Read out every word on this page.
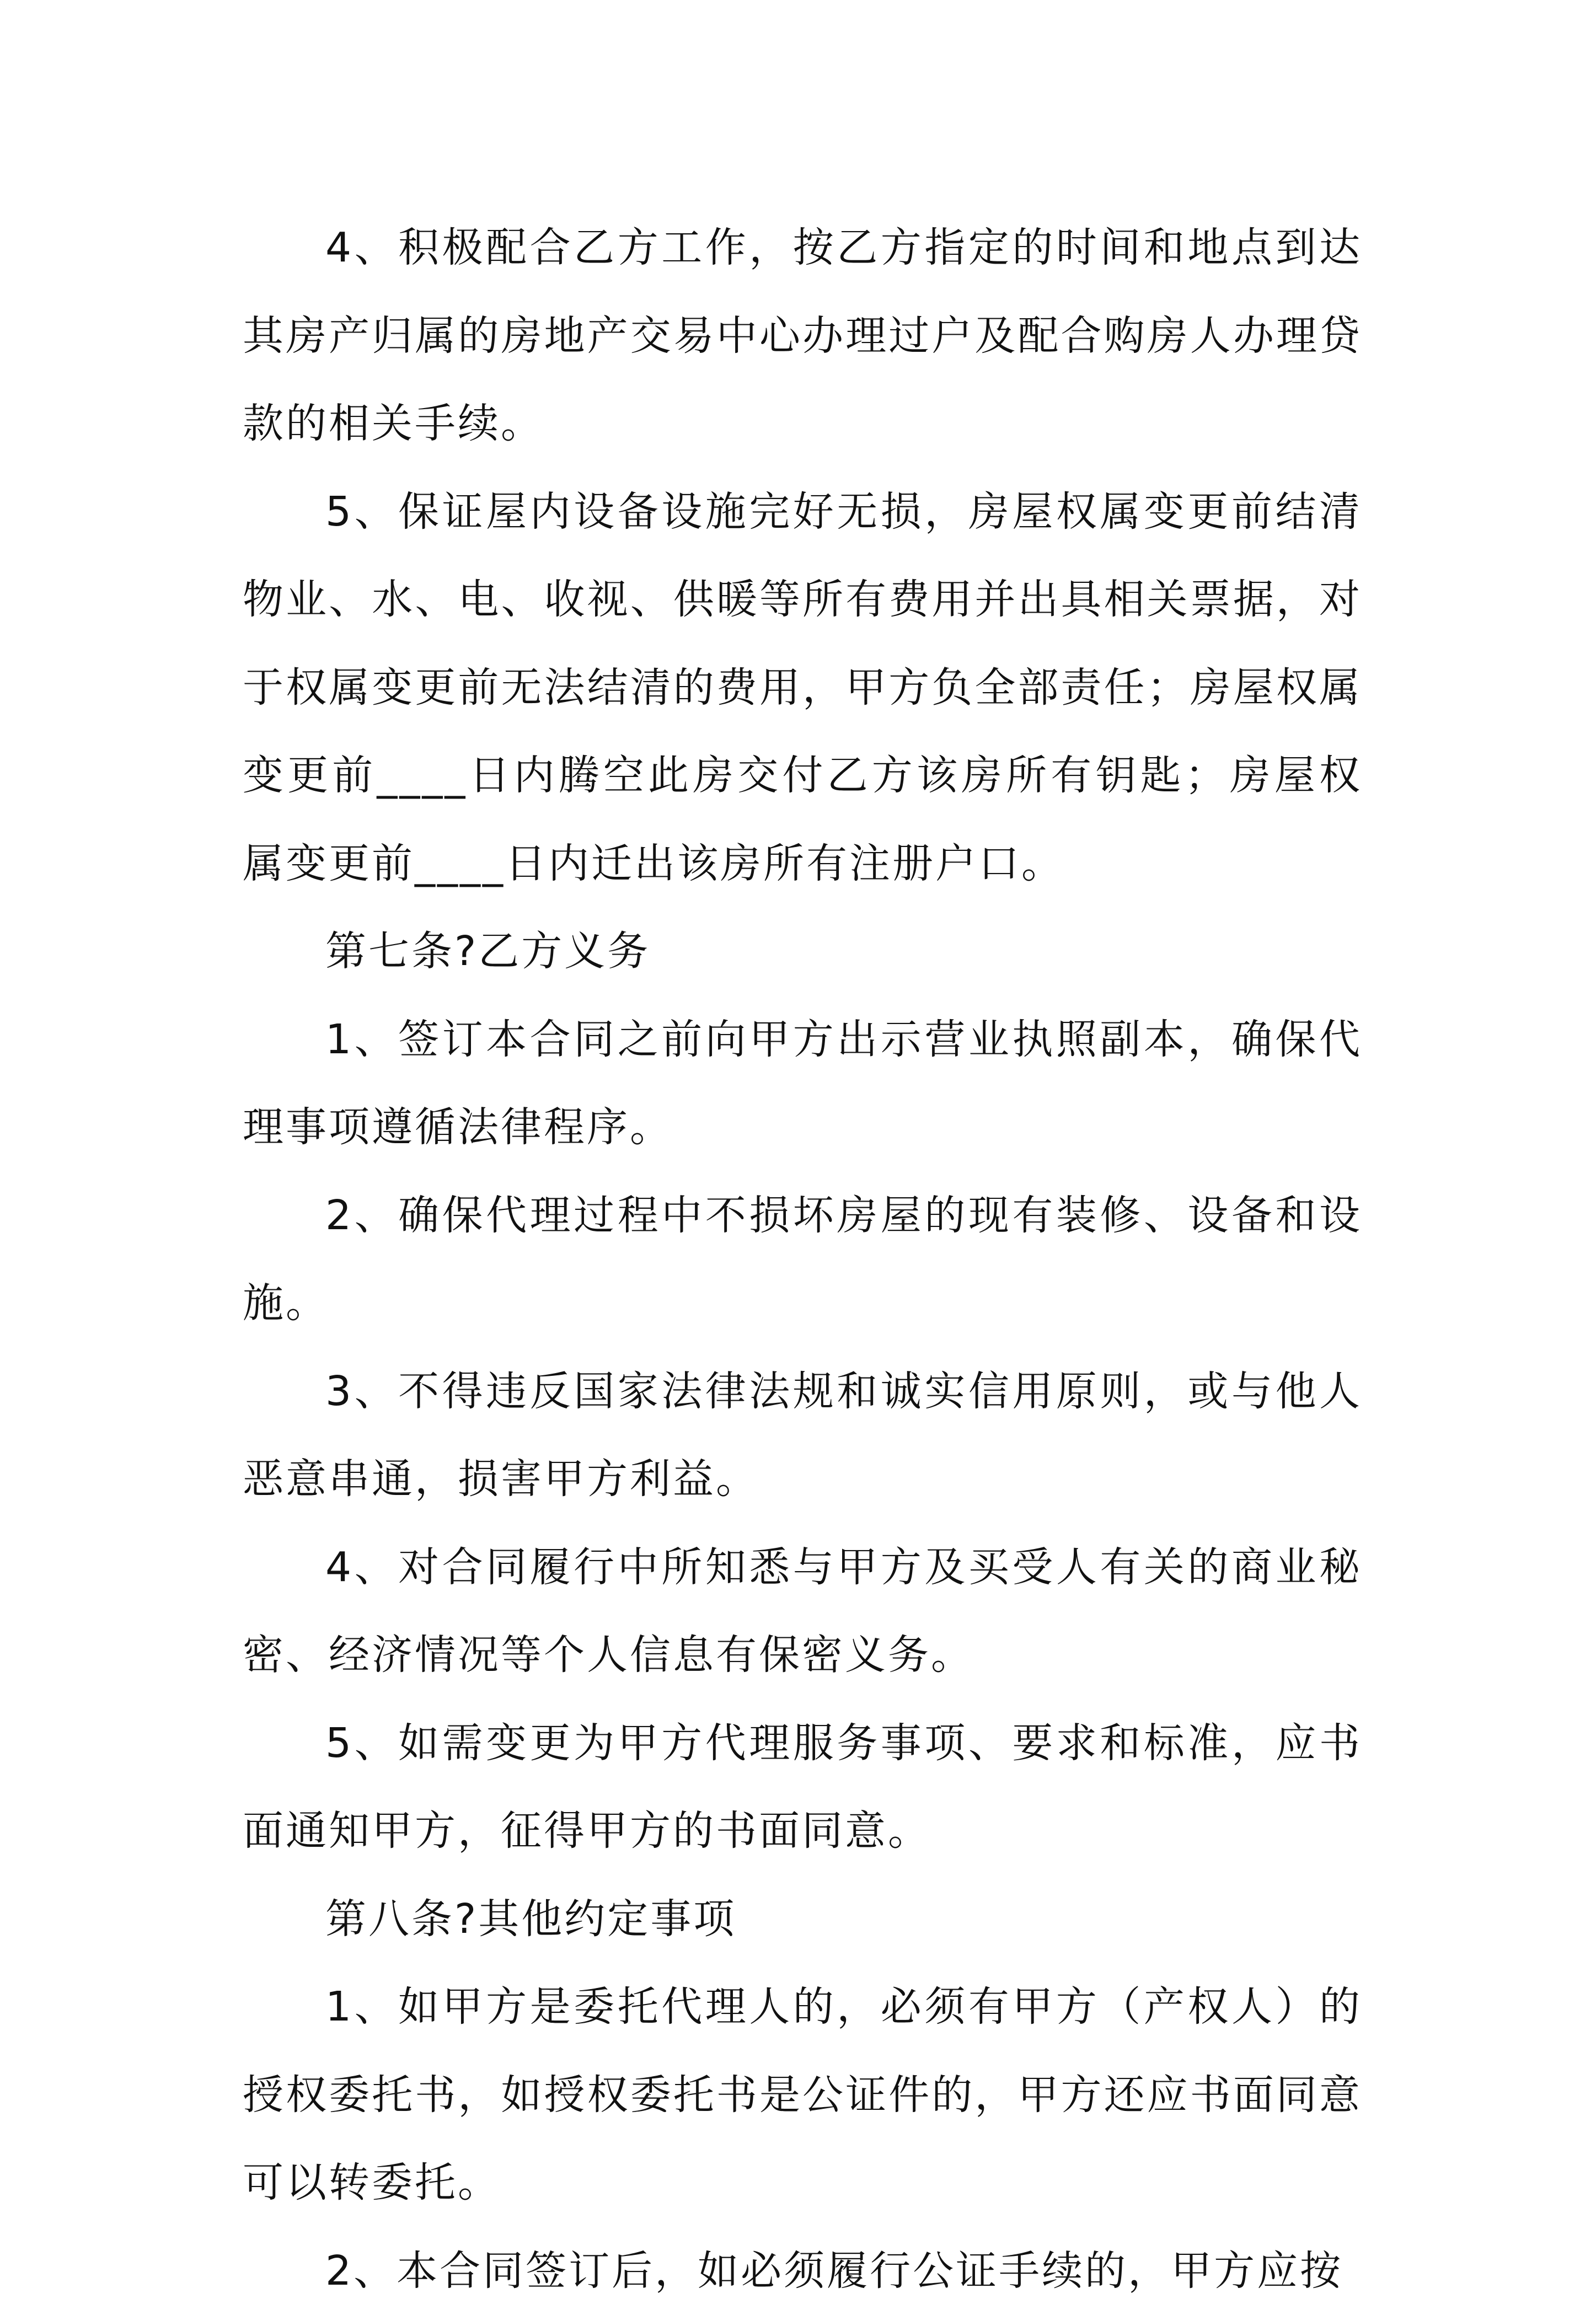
4、积极配合乙方工作，按乙方指定的时间和地点到达其房产归属的房地产交易中心办理过户及配合购房人办理贷款的相关手续。

5、保证屋内设备设施完好无损，房屋权属变更前结清物业、水、电、收视、供暖等所有费用并出具相关票据，对于权属变更前无法结清的费用，甲方负全部责任；房屋权属变更前____日内腾空此房交付乙方该房所有钥匙；房屋权属变更前____日内迁出该房所有注册户口。

第七条?乙方义务

1、签订本合同之前向甲方出示营业执照副本，确保代理事项遵循法律程序。

2、确保代理过程中不损坏房屋的现有装修、设备和设施。

3、不得违反国家法律法规和诚实信用原则，或与他人恶意串通，损害甲方利益。

4、对合同履行中所知悉与甲方及买受人有关的商业秘密、经济情况等个人信息有保密义务。

5、如需变更为甲方代理服务事项、要求和标准，应书面通知甲方，征得甲方的书面同意。

第八条?其他约定事项

1、如甲方是委托代理人的，必须有甲方（产权人）的授权委托书，如授权委托书是公证件的，甲方还应书面同意可以转委托。

2、本合同签订后，如必须履行公证手续的，甲方应按
